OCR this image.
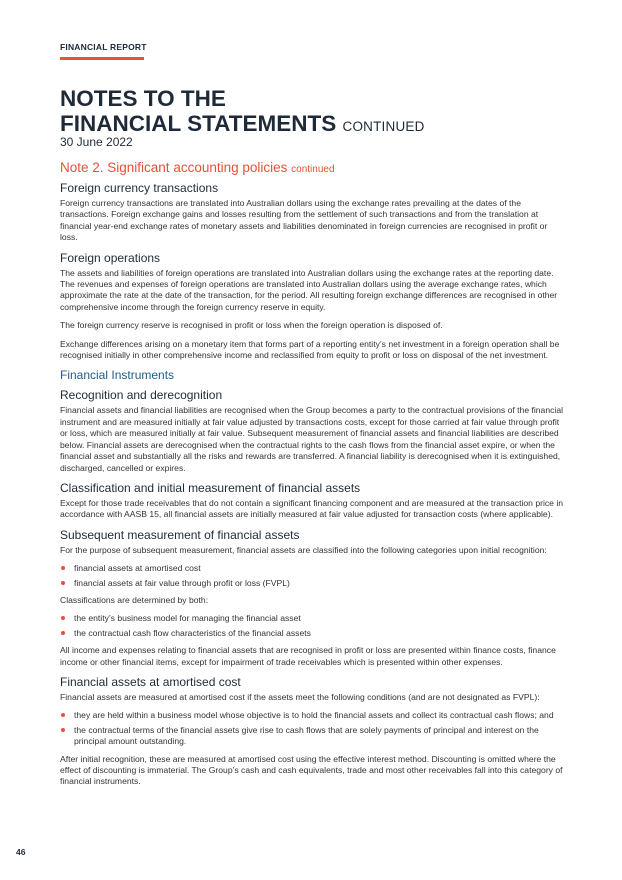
FINANCIAL REPORT
NOTES TO THE
FINANCIAL STATEMENTS CONTINUED
30 June 2022
Note 2. Significant accounting policies continued
Foreign currency transactions

Foreign currency transactions are translated into Australian dollars using the exchange rates prevailing at the dates of the transactions. Foreign exchange gains and losses resulting from the settlement of such transactions and from the translation at financial year-end exchange rates of monetary assets and liabilities denominated in foreign currencies are recognised in profit or loss.

Foreign operations

The assets and liabilities of foreign operations are translated into Australian dollars using the exchange rates at the reporting date. The revenues and expenses of foreign operations are translated into Australian dollars using the average exchange rates, which approximate the rate at the date of the transaction, for the period. All resulting foreign exchange differences are recognised in other comprehensive income through the foreign currency reserve in equity.

The foreign currency reserve is recognised in profit or loss when the foreign operation is disposed of.

Exchange differences arising on a monetary item that forms part of a reporting entity’s net investment in a foreign operation shall be recognised initially in other comprehensive income and reclassified from equity to profit or loss on disposal of the net investment.

Financial Instruments
Recognition and derecognition

Financial assets and financial liabilities are recognised when the Group becomes a party to the contractual provisions of the financial instrument and are measured initially at fair value adjusted by transactions costs, except for those carried at fair value through profit or loss, which are measured initially at fair value. Subsequent measurement of financial assets and financial liabilities are described below. Financial assets are derecognised when the contractual rights to the cash flows from the financial asset expire, or when the financial asset and substantially all the risks and rewards are transferred. A financial liability is derecognised when it is extinguished, discharged, cancelled or expires.

Classification and initial measurement of financial assets

Except for those trade receivables that do not contain a significant financing component and are measured at the transaction price in accordance with AASB 15, all financial assets are initially measured at fair value adjusted for transaction costs (where applicable).

Subsequent measurement of financial assets

For the purpose of subsequent measurement, financial assets are classified into the following categories upon initial recognition:

financial assets at amortised cost
financial assets at fair value through profit or loss (FVPL)

Classifications are determined by both:

the entity’s business model for managing the financial asset
the contractual cash flow characteristics of the financial assets

All income and expenses relating to financial assets that are recognised in profit or loss are presented within finance costs, finance income or other financial items, except for impairment of trade receivables which is presented within other expenses.

Financial assets at amortised cost

Financial assets are measured at amortised cost if the assets meet the following conditions (and are not designated as FVPL):

they are held within a business model whose objective is to hold the financial assets and collect its contractual cash flows; and
the contractual terms of the financial assets give rise to cash flows that are solely payments of principal and interest on the principal amount outstanding.

After initial recognition, these are measured at amortised cost using the effective interest method. Discounting is omitted where the effect of discounting is immaterial. The Group’s cash and cash equivalents, trade and most other receivables fall into this category of financial instruments.

46
